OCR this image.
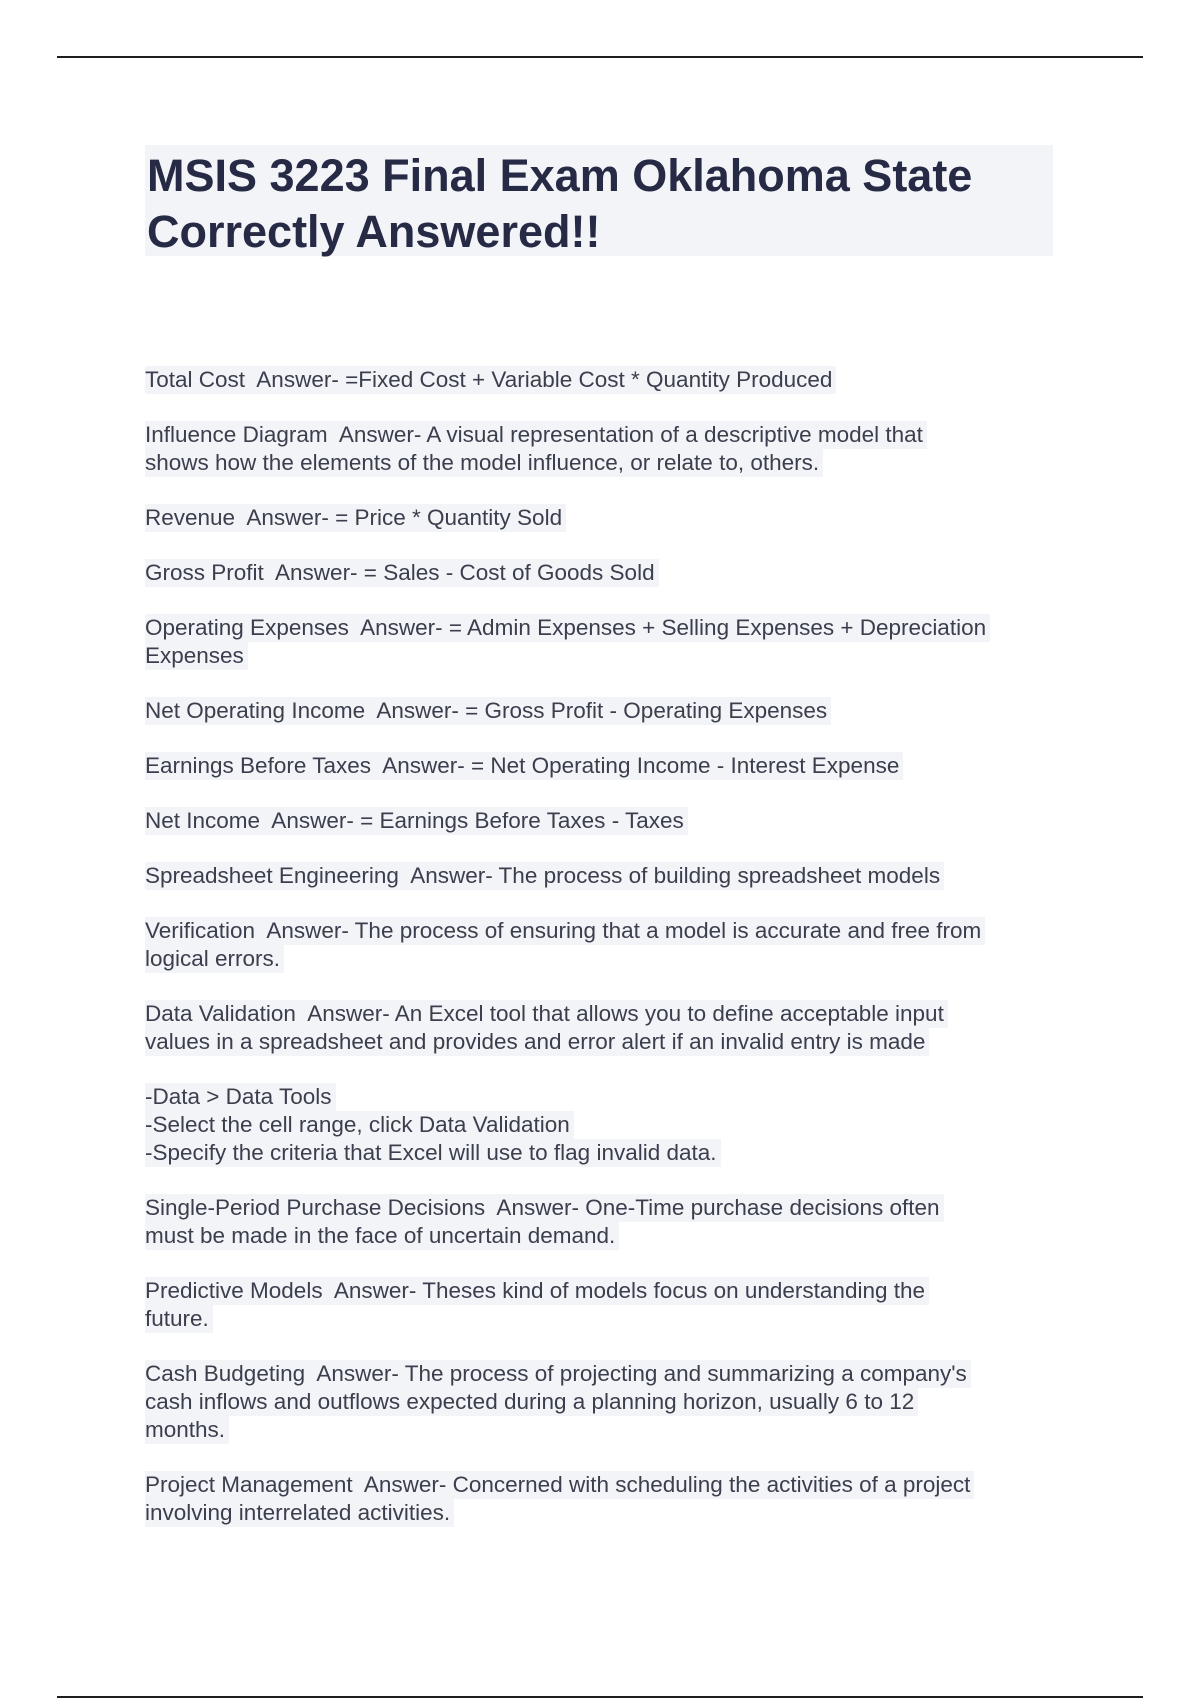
MSIS 3223 Final Exam Oklahoma State
Correctly Answered!!
Total Cost  Answer- =Fixed Cost + Variable Cost * Quantity Produced
Influence Diagram  Answer- A visual representation of a descriptive model that
shows how the elements of the model influence, or relate to, others.
Revenue  Answer- = Price * Quantity Sold
Gross Profit  Answer- = Sales - Cost of Goods Sold
Operating Expenses  Answer- = Admin Expenses + Selling Expenses + Depreciation
Expenses
Net Operating Income  Answer- = Gross Profit - Operating Expenses
Earnings Before Taxes  Answer- = Net Operating Income - Interest Expense
Net Income  Answer- = Earnings Before Taxes - Taxes
Spreadsheet Engineering  Answer- The process of building spreadsheet models
Verification  Answer- The process of ensuring that a model is accurate and free from
logical errors.
Data Validation  Answer- An Excel tool that allows you to define acceptable input
values in a spreadsheet and provides and error alert if an invalid entry is made
-Data > Data Tools
-Select the cell range, click Data Validation
-Specify the criteria that Excel will use to flag invalid data.
Single-Period Purchase Decisions  Answer- One-Time purchase decisions often
must be made in the face of uncertain demand.
Predictive Models  Answer- Theses kind of models focus on understanding the
future.
Cash Budgeting  Answer- The process of projecting and summarizing a company's
cash inflows and outflows expected during a planning horizon, usually 6 to 12
months.
Project Management  Answer- Concerned with scheduling the activities of a project
involving interrelated activities.
